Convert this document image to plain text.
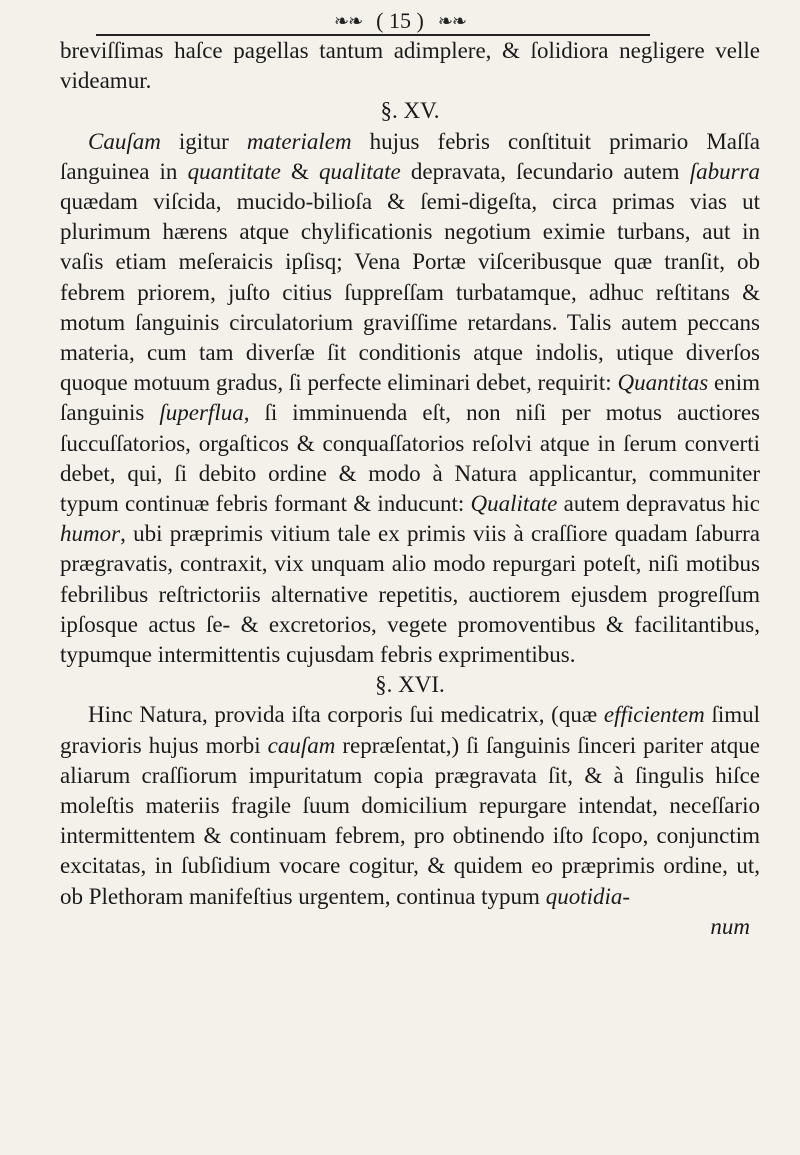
❧❧ ( 15 ) ❧❧

breviſſimas haſce pagellas tantum adimplere, & ſolidiora negligere velle videamur.

§. XV.

Cauſam igitur materialem hujus febris conſtituit primario Maſſa ſanguinea in quantitate & qualitate depravata, ſecundario autem ſaburra quædam viſcida, mucido-bilioſa & ſemi-digeſta, circa primas vias ut plurimum hærens atque chylificationis negotium eximie turbans, aut in vaſis etiam meſeraicis ipſisq; Vena Portæ viſceribusque quæ tranſit, ob febrem priorem, juſto citius ſuppreſſam turbatamque, adhuc reſtitans & motum ſanguinis circulatorium graviſſime retardans. Talis autem peccans materia, cum tam diverſæ ſit conditionis atque indolis, utique diverſos quoque motuum gradus, ſi perfecte eliminari debet, requirit: Quantitas enim ſanguinis ſuperflua, ſi imminuenda eſt, non niſi per motus auctiores ſuccuſſatorios, orgaſticos & conquaſſatorios reſolvi atque in ſerum converti debet, qui, ſi debito ordine & modo à Natura applicantur, communiter typum continuæ febris formant & inducunt: Qualitate autem depravatus hic humor, ubi præprimis vitium tale ex primis viis à craſſiore quadam ſaburra prægravatis, contraxit, vix unquam alio modo repurgari poteſt, niſi motibus febrilibus reſtrictoriis alternative repetitis, auctiorem ejusdem progreſſum ipſosque actus ſe- & excretorios, vegete promoventibus & facilitantibus, typumque intermittentis cujusdam febris exprimentibus.

§. XVI.

Hinc Natura, provida iſta corporis ſui medicatrix, (quæ efficientem ſimul gravioris hujus morbi cauſam repræſentat,) ſi ſanguinis ſinceri pariter atque aliarum craſſiorum impuritatum copia prægravata ſit, & à ſingulis hiſce moleſtis materiis fragile ſuum domicilium repurgare intendat, neceſſario intermittentem & continuam febrem, pro obtinendo iſto ſcopo, conjunctim excitatas, in ſubſidium vocare cogitur, & quidem eo præprimis ordine, ut, ob Plethoram manifeſtius urgentem, continua typum quotidia-

num
